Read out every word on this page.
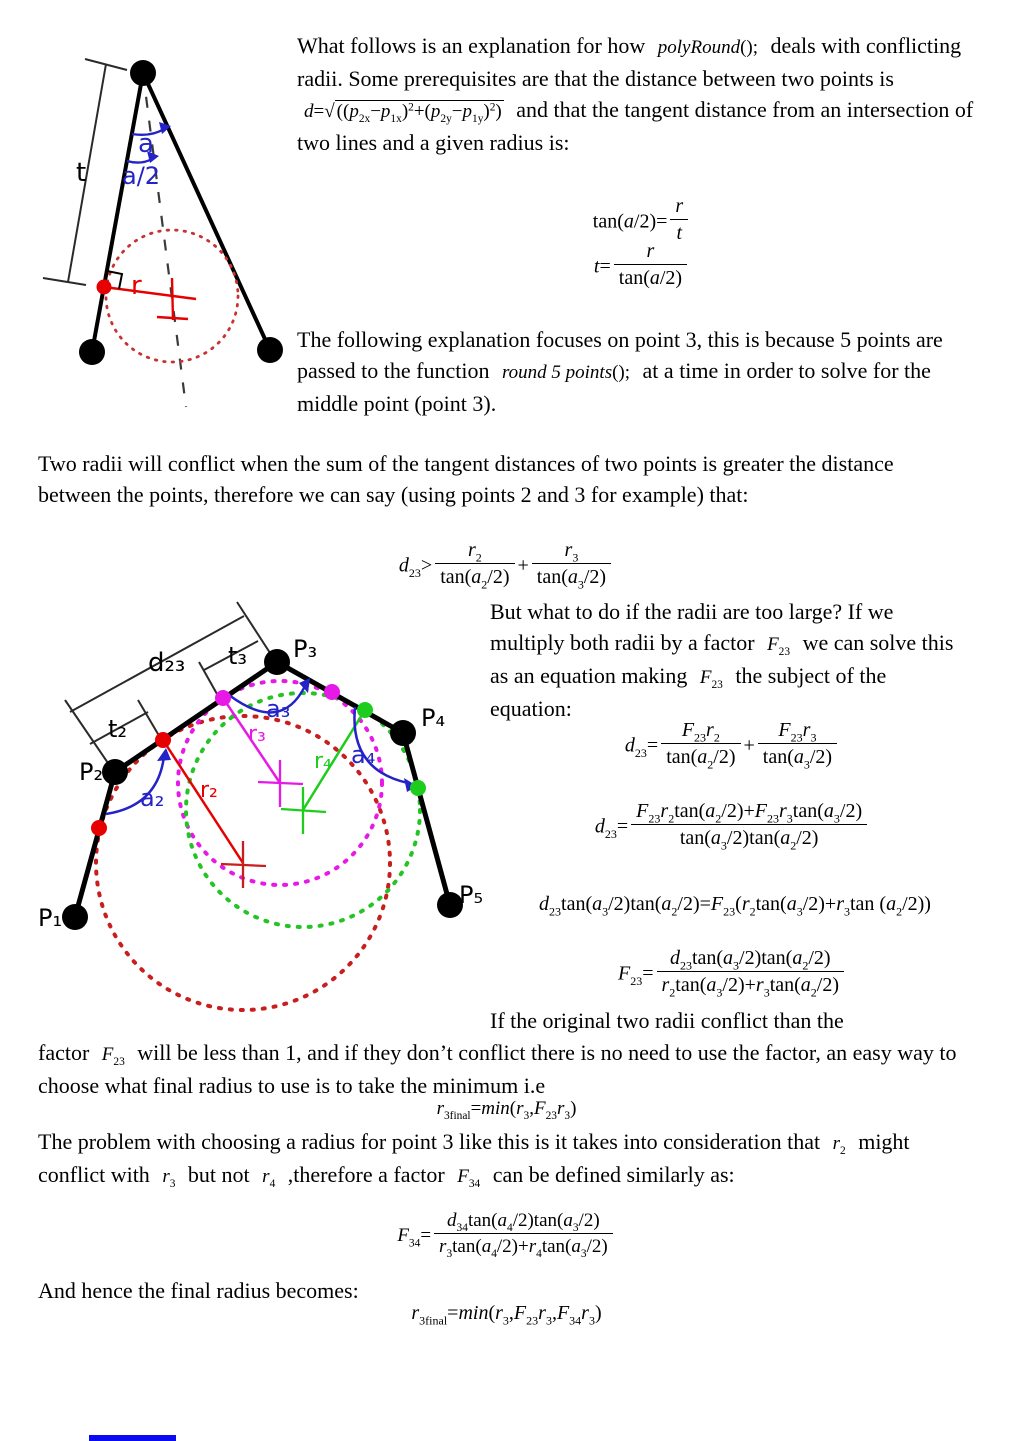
t
a
a/2
r
What follows is an explanation for how polyRound(); deals with conflicting radii. Some prerequisites are that the distance between two points is d=√ $((p_{2x}-p_{1x})^2+(p_{2y}-p_{1y})^2)$ and that the tangent distance from an intersection of two lines and a given radius is:
$\tan(a/2)= \frac{r}{t}$
$t= \frac{r}{\tan(a/2)}$
The following explanation focuses on point 3, this is because 5 points are passed to the function round 5 points(); at a time in order to solve for the middle point (point 3).
Two radii will conflict when the sum of the tangent distances of two points is greater the distance between the points, therefore we can say (using points 2 and 3 for example) that:
$d_{23}> \frac{r_2}{\tan(a_2/2)} + \frac{r_3}{\tan(a_3/2)}$
d₂₃ t₃
t₂
P₁
P₂
P₃
P₄
P₅
a₂
a₃
a₄
r₂
r₃
r₄
But what to do if the radii are too large? If we multiply both radii by a factor $F_{23}$ we can solve this as an equation making $F_{23}$ the subject of the equation:
$d_{23}= \frac{F_{23}r_2}{\tan(a_2/2)} + \frac{F_{23}r_3}{\tan(a_3/2)}$
$d_{23}= \frac{F_{23}r_2\tan(a_2/2)+F_{23}r_3\tan(a_3/2)}{\tan(a_3/2)\tan(a_2/2)}$
$d_{23}\tan(a_3/2)\tan(a_2/2)=F_{23}(r_2\tan(a_3/2)+r_3\tan$ $(a_2/2)$)
$F_{23}= \frac{d_{23}\tan(a_3/2)\tan(a_2/2)}{r_2\tan(a_3/2)+r_3\tan(a_2/2)}$
If the original two radii conflict than the
factor $F_{23}$ will be less than 1, and if they don’t conflict there is no need to use the factor, an easy way to choose what final radius to use is to take the minimum i.e
$r_{3final}=\min(r_3,F_{23}r_3)$
The problem with choosing a radius for point 3 like this is it takes into consideration that $r_2$ might conflict with $r_3$ but not $r_4$ ,therefore a factor $F_{34}$ can be defined similarly as:
$F_{34}= \frac{d_{34}\tan(a_4/2)\tan(a_3/2)}{r_3\tan(a_4/2)+r_4\tan(a_3/2)}$
And hence the final radius becomes:
$r_{3final}=\min(r_3,F_{23}r_3,F_{34}r_3)$
